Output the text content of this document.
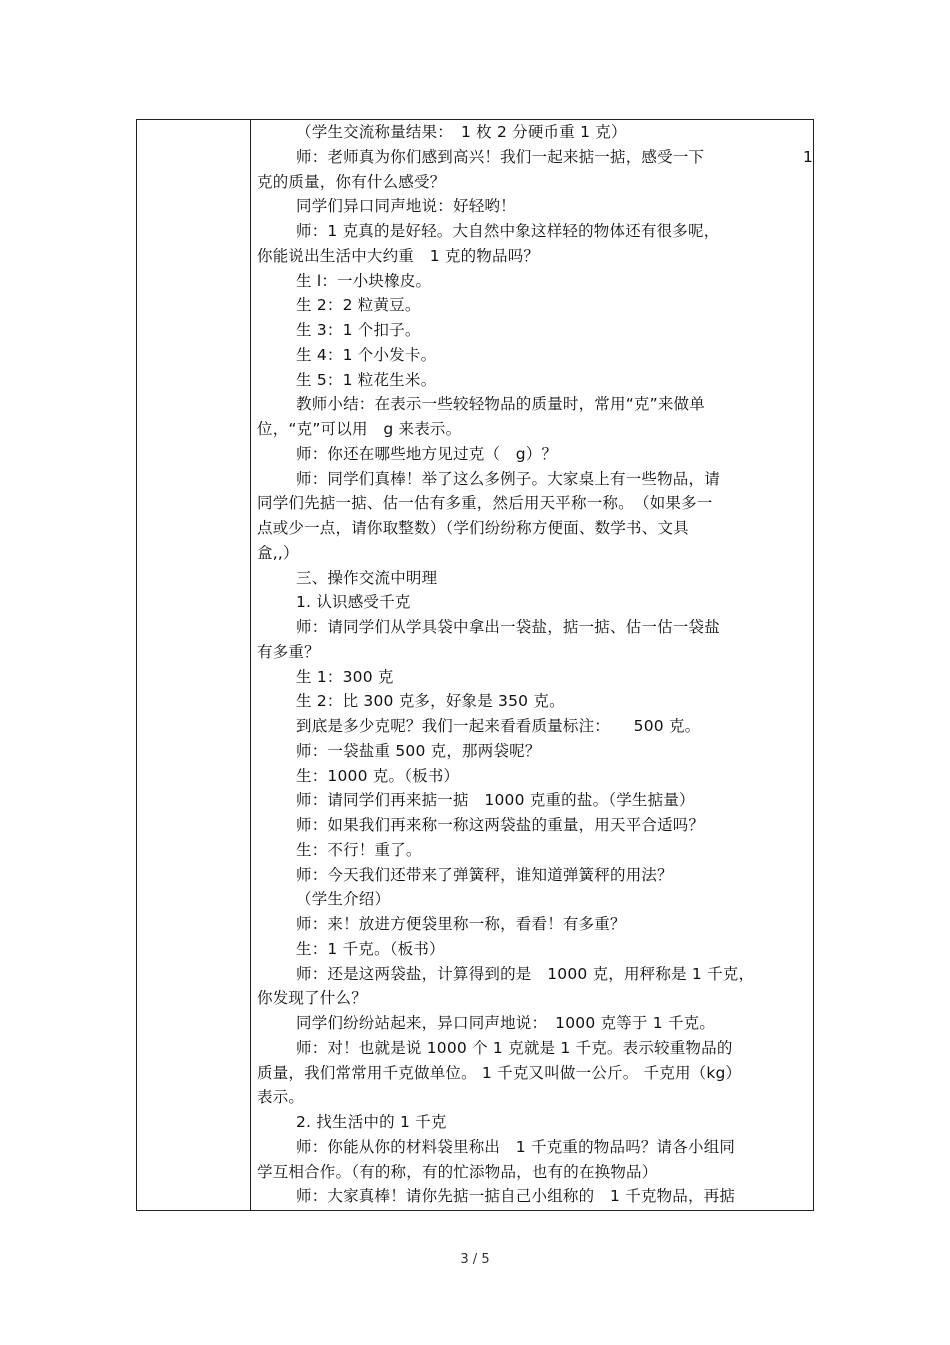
（学生交流称量结果：　1 枚 2 分硬币重 1 克）
师：老师真为你们感到高兴！我们一起来掂一掂，感受一下	1
克的质量，你有什么感受？
同学们异口同声地说：好轻哟！
师：1 克真的是好轻。大自然中象这样轻的物体还有很多呢，
你能说出生活中大约重　1 克的物品吗？
生 l：一小块橡皮。
生 2：2 粒黄豆。
生 3：1 个扣子。
生 4：1 个小发卡。
生 5：1 粒花生米。
教师小结：在表示一些较轻物品的质量时，常用“克”来做单
位，“克”可以用　g 来表示。
师：你还在哪些地方见过克（　g）？
师：同学们真棒！举了这么多例子。大家桌上有一些物品，请
同学们先掂一掂、估一估有多重，然后用天平称一称。　（如果多一
点或少一点，请你取整数）（学们纷纷称方便面、数学书、文具
盒,,）
三、操作交流中明理
1. 认识感受千克
师：请同学们从学具袋中拿出一袋盐，掂一掂、估一估一袋盐
有多重？
生 1：300 克
生 2：比 300 克多，好象是 350 克。
到底是多少克呢？我们一起来看看质量标注：　　500 克。
师：一袋盐重 500 克，那两袋呢？
生：1000 克。（板书）
师：请同学们再来掂一掂　1000 克重的盐。（学生掂量）
师：如果我们再来称一称这两袋盐的重量，用天平合适吗？
生：不行！重了。
师：今天我们还带来了弹簧秤，谁知道弹簧秤的用法？
（学生介绍）
师：来！放进方便袋里称一称，看看！有多重？
生：1 千克。（板书）
师：还是这两袋盐，计算得到的是　1000 克，用秤称是 1 千克，
你发现了什么？
同学们纷纷站起来，异口同声地说：　1000 克等于 1 千克。
师：对！也就是说 1000 个 1 克就是 1 千克。表示较重物品的
质量，我们常常用千克做单位。 1 千克又叫做一公斤。 千克用（kg）
表示。
2. 找生活中的 1 千克
师：你能从你的材料袋里称出　1 千克重的物品吗？请各小组同
学互相合作。（有的称，有的忙添物品，也有的在换物品）
师：大家真棒！请你先掂一掂自己小组称的　1 千克物品，再掂
3 / 5
